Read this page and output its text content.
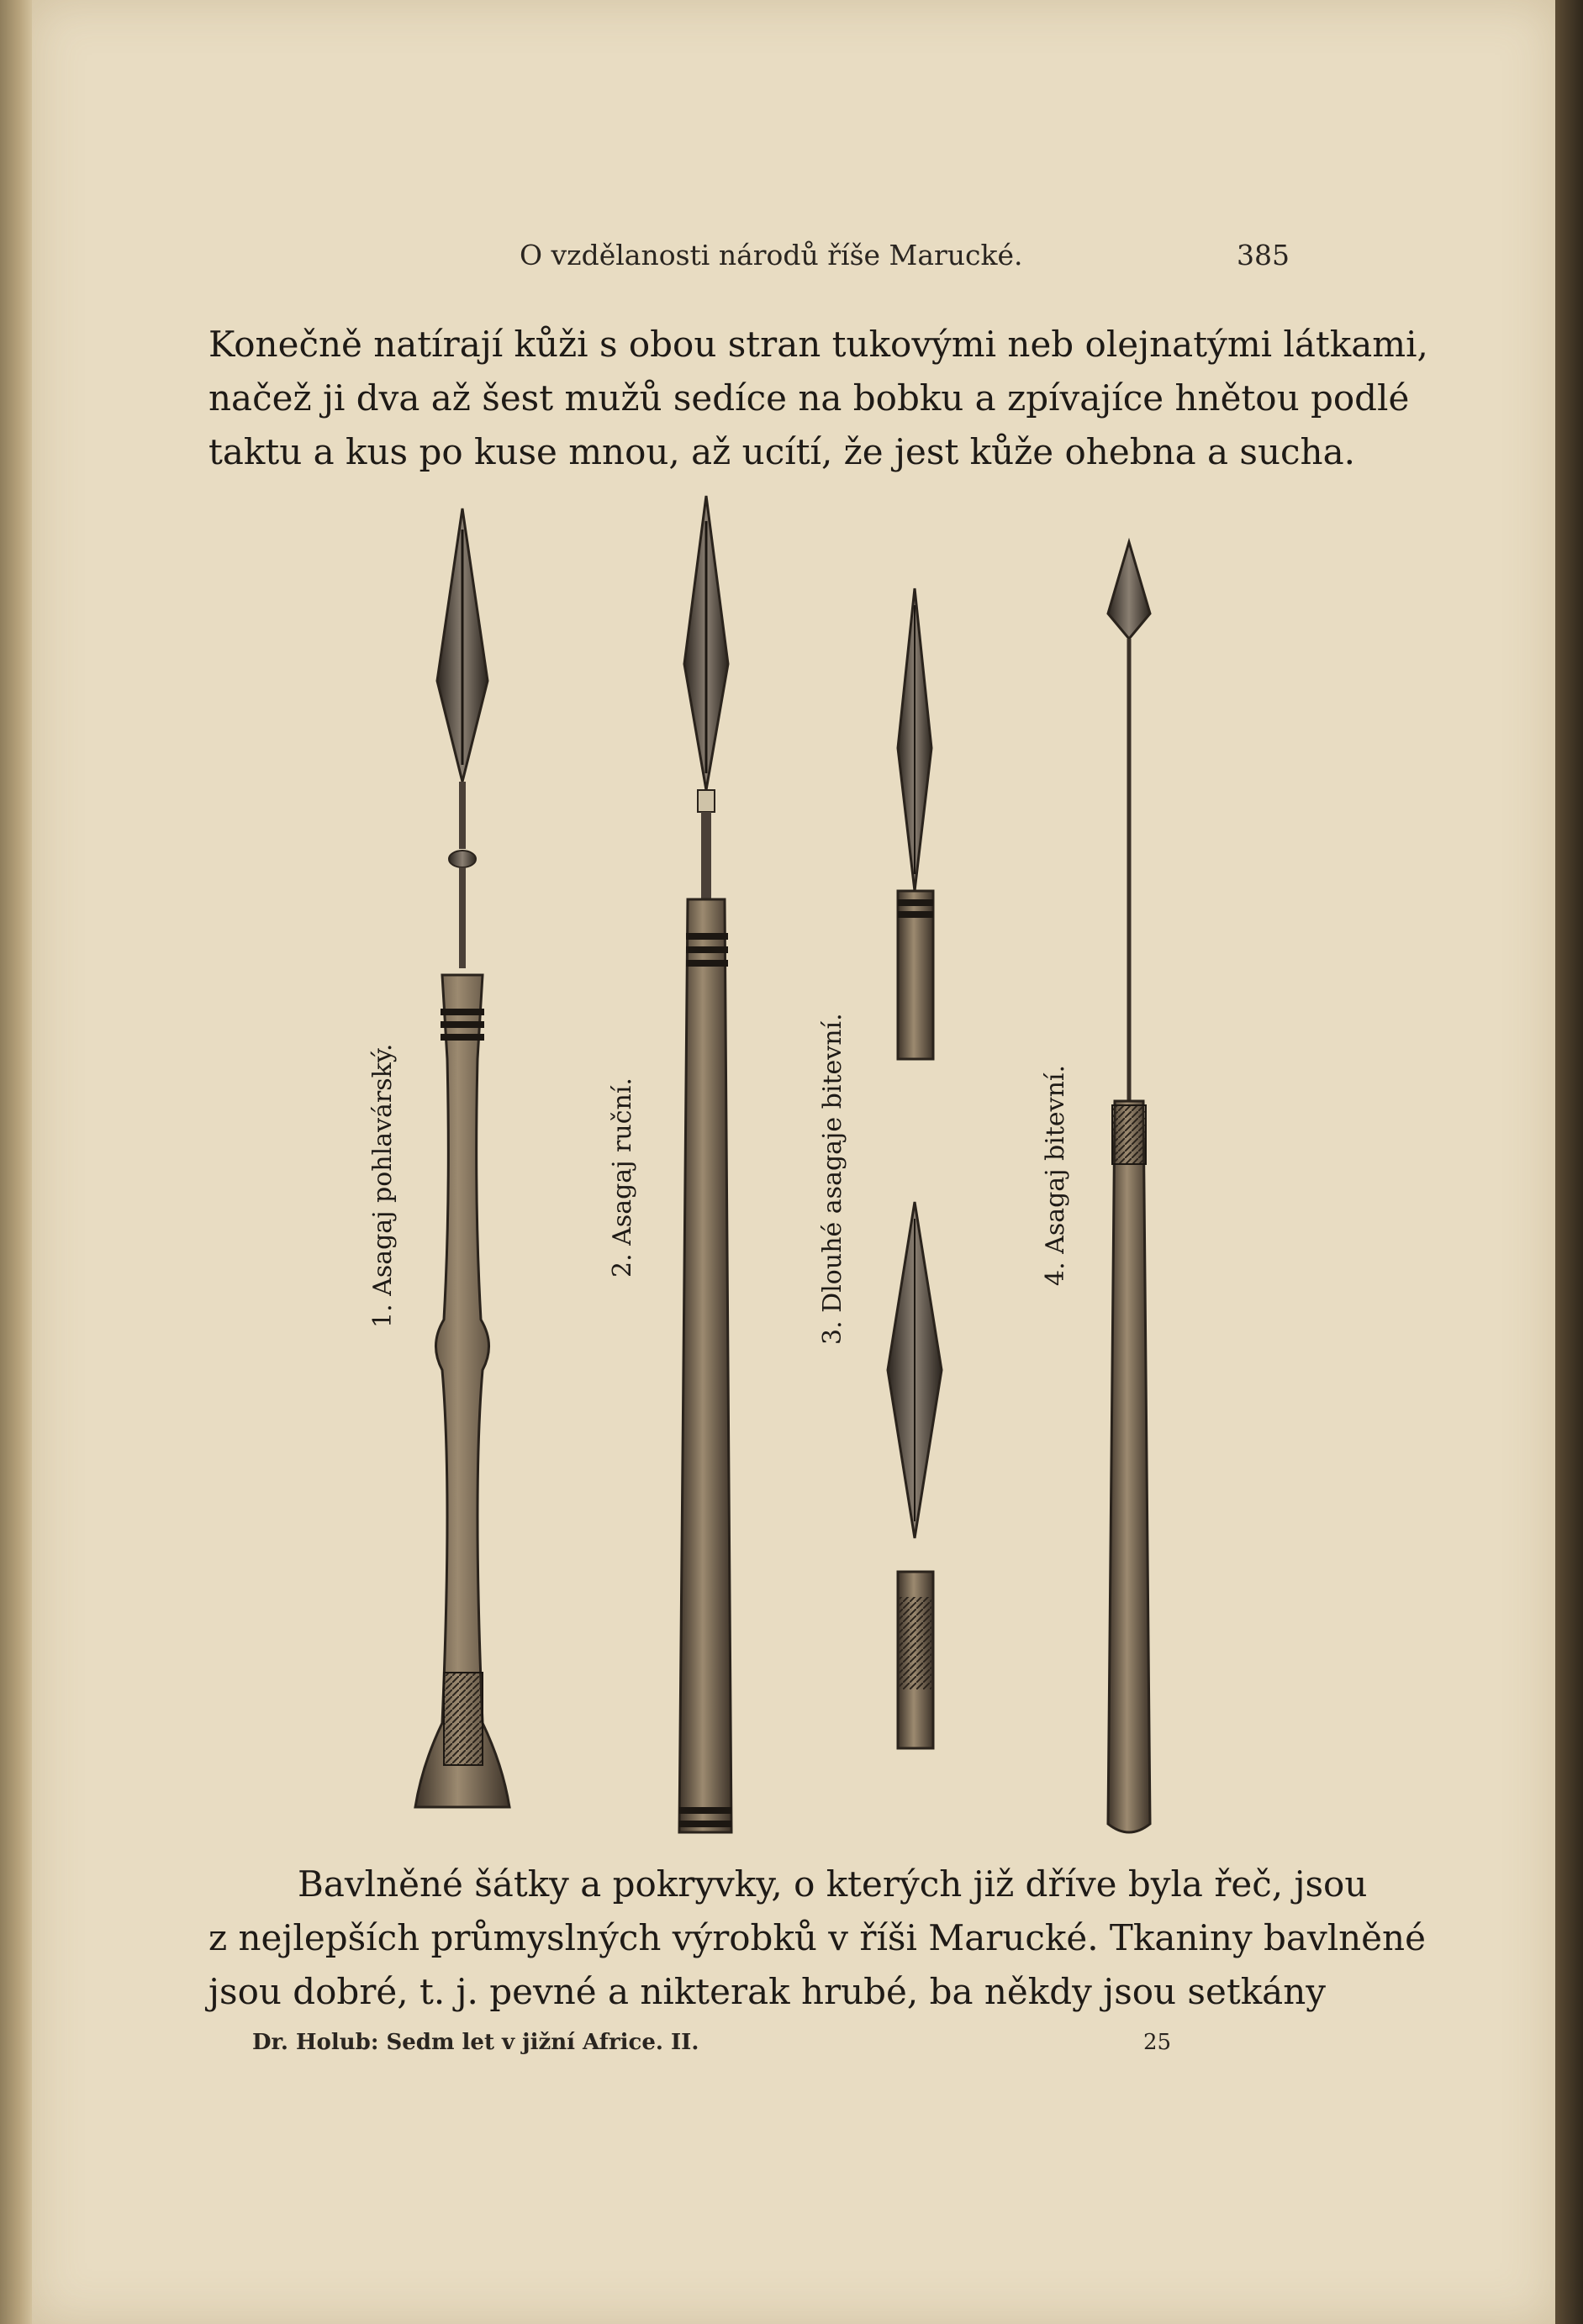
O vzdělanosti národů říše Marucké.	385
Konečně natírají kůži s obou stran tukovými neb olejnatými látkami,
načež ji dva až šest mužů sedíce na bobku a zpívajíce hnětou podlé
taktu a kus po kuse mnou, až ucítí, že jest kůže ohebna a sucha.
1. Asagaj pohlavárský.	2. Asagaj ruční.	3. Dlouhé asagaje bitevní.	4. Asagaj bitevní.
Bavlněné šátky a pokryvky, o kterých již dříve byla řeč, jsou
z nejlepších průmyslných výrobků v říši Marucké. Tkaniny bavlněné
jsou dobré, t. j. pevné a nikterak hrubé, ba někdy jsou setkány
Dr. Holub: Sedm let v jižní Africe. II.	25
